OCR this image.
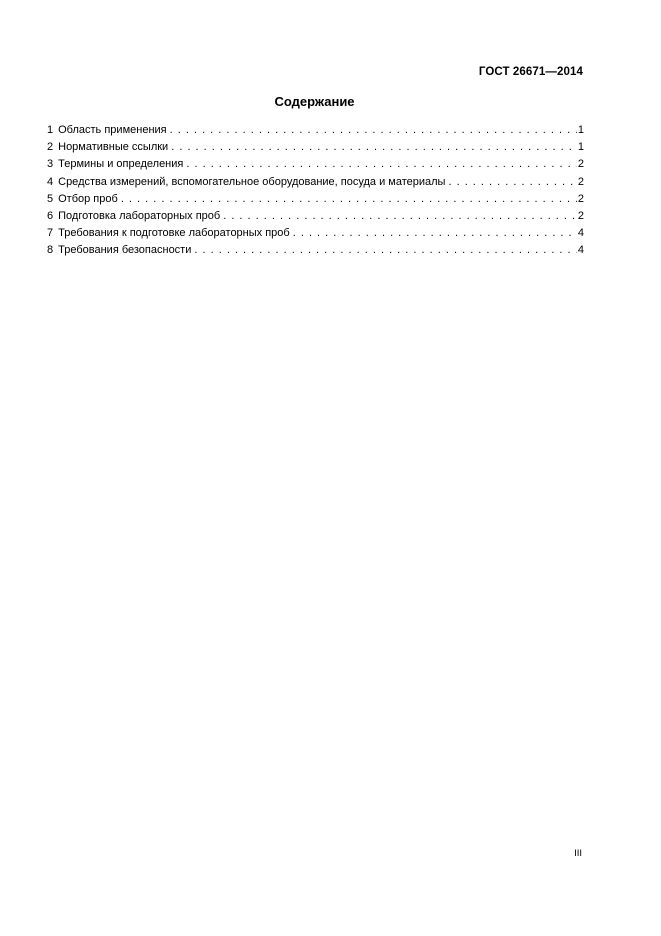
ГОСТ 26671—2014
Содержание
1 Область применения . . .	1
2 Нормативные ссылки . . .	1
3 Термины и определения . . .	2
4 Средства измерений, вспомогательное оборудование, посуда и материалы . . .	2
5 Отбор проб . . .	2
6 Подготовка лабораторных проб . . .	2
7 Требования к подготовке лабораторных проб . . .	4
8 Требования безопасности . . .	4
III
